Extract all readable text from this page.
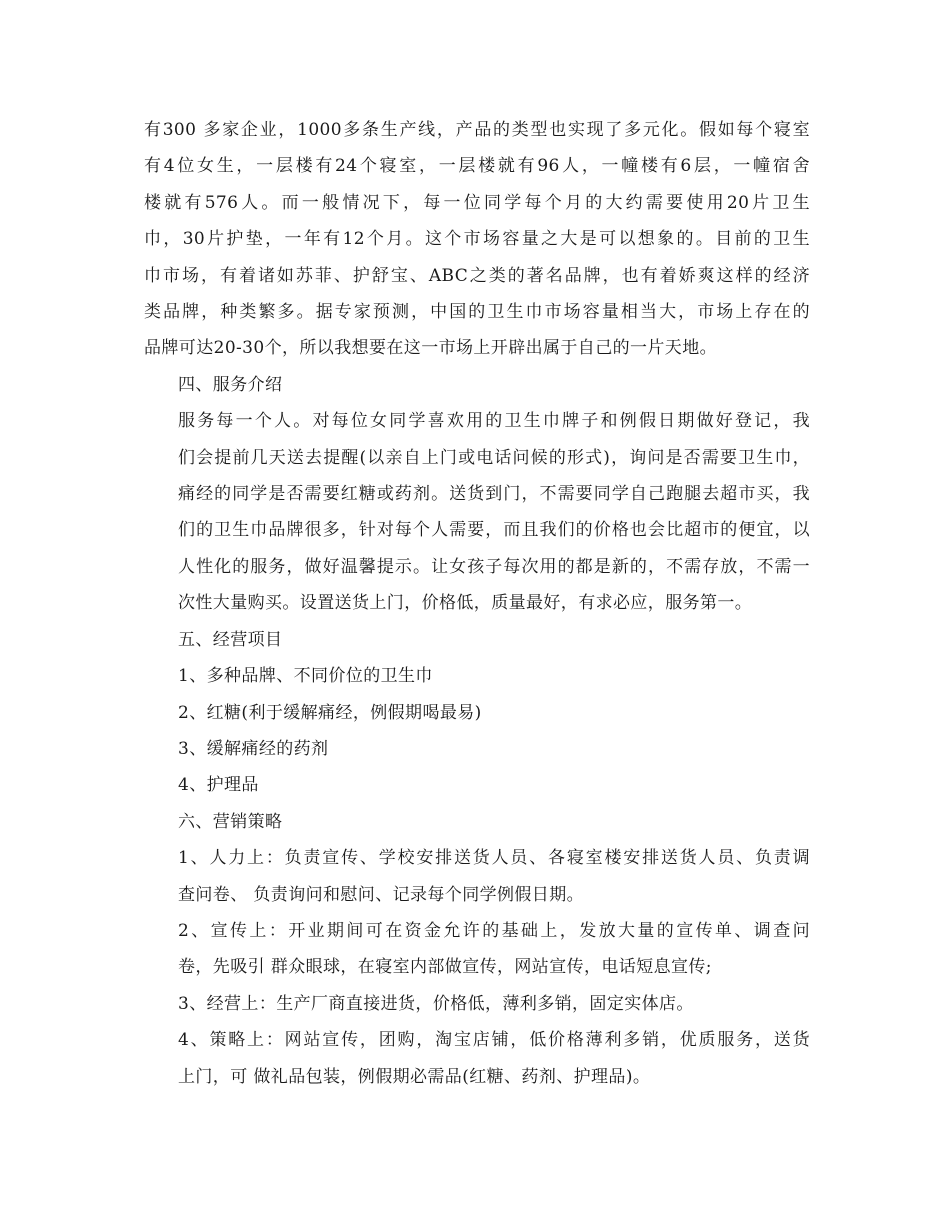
有300 多家企业，1000多条生产线，产品的类型也实现了多元化。假如每个寝室
有4位女生，一层楼有24个寝室，一层楼就有96人，一幢楼有6层，一幢宿舍
楼就有576人。而一般情况下，每一位同学每个月的大约需要使用20片卫生
巾，30片护垫，一年有12个月。这个市场容量之大是可以想象的。目前的卫生
巾市场，有着诸如苏菲、护舒宝、ABC之类的著名品牌，也有着娇爽这样的经济
类品牌，种类繁多。据专家预测，中国的卫生巾市场容量相当大，市场上存在的
品牌可达20-30个，所以我想要在这一市场上开辟出属于自己的一片天地。
四、服务介绍
服务每一个人。对每位女同学喜欢用的卫生巾牌子和例假日期做好登记，我
们会提前几天送去提醒(以亲自上门或电话问候的形式)，询问是否需要卫生巾，
痛经的同学是否需要红糖或药剂。送货到门，不需要同学自己跑腿去超市买，我
们的卫生巾品牌很多，针对每个人需要，而且我们的价格也会比超市的便宜，以
人性化的服务，做好温馨提示。让女孩子每次用的都是新的，不需存放，不需一
次性大量购买。设置送货上门，价格低，质量最好，有求必应，服务第一。
五、经营项目
1、多种品牌、不同价位的卫生巾
2、红糖(利于缓解痛经，例假期喝最易)
3、缓解痛经的药剂
4、护理品
六、营销策略
1、人力上：负责宣传、学校安排送货人员、各寝室楼安排送货人员、负责调
查问卷、 负责询问和慰问、记录每个同学例假日期。
2、宣传上：开业期间可在资金允许的基础上，发放大量的宣传单、调查问
卷，先吸引 群众眼球，在寝室内部做宣传，网站宣传，电话短息宣传;
3、经营上：生产厂商直接进货，价格低，薄利多销，固定实体店。
4、策略上：网站宣传，团购，淘宝店铺，低价格薄利多销，优质服务，送货
上门，可 做礼品包装，例假期必需品(红糖、药剂、护理品)。
